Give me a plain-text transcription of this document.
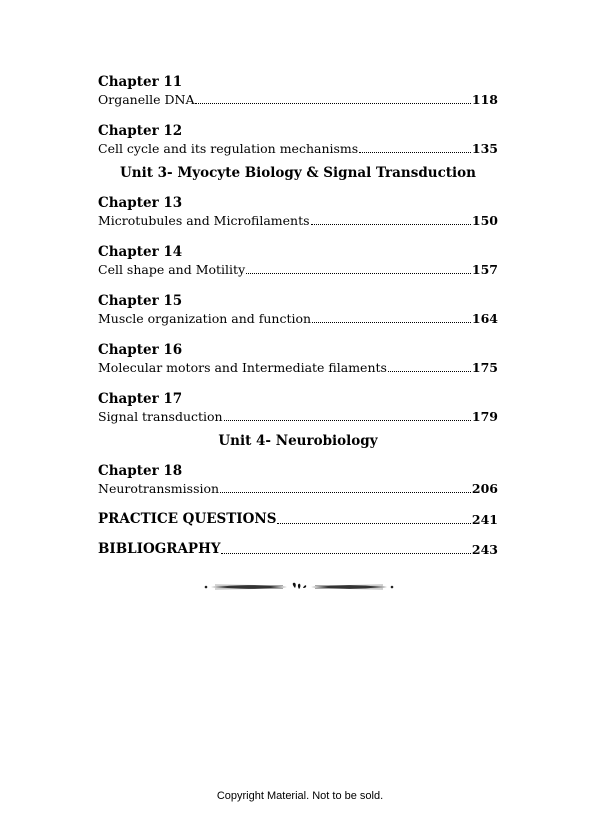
Chapter 11
Organelle DNA	118
Chapter 12
Cell cycle and its regulation mechanisms	135
Unit 3- Myocyte Biology & Signal Transduction
Chapter 13
Microtubules and Microfilaments	150
Chapter 14
Cell shape and Motility	157
Chapter 15
Muscle organization and function	164
Chapter 16
Molecular motors and Intermediate filaments	175
Chapter 17
Signal transduction	179
Unit 4- Neurobiology
Chapter 18
Neurotransmission	206
PRACTICE QUESTIONS	241
BIBLIOGRAPHY	243
Copyright Material. Not to be sold.
